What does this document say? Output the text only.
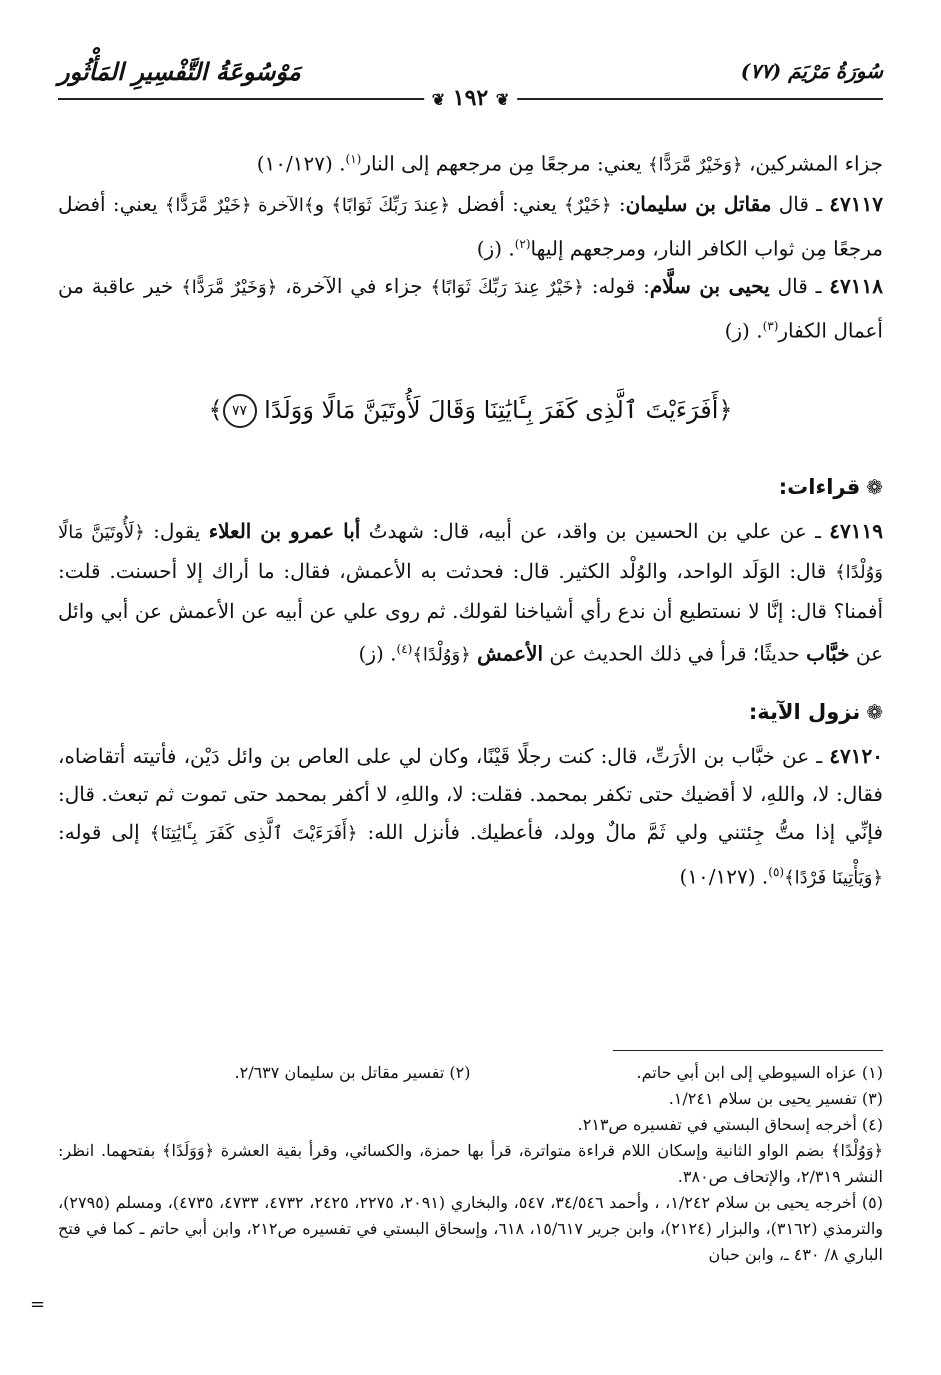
سُورَةُ مَرْيَمَ (٧٧)
مَوْسُوعَةُ التَّفْسِيرِ المَأْثُور
❦ ١٩٢ ❦

جزاء المشركين، ﴿وَخَيْرٌ مَّرَدًّا﴾ يعني: مرجعًا مِن مرجعهم إلى النار$^{(١)}$. (١٠/١٢٧)

٤٧١١٧ ـ قال مقاتل بن سليمان: ﴿خَيْرٌ﴾ يعني: أفضل ﴿عِندَ رَبِّكَ ثَوَابًا﴾ و﴾الآخرة ﴿خَيْرٌ مَّرَدًّا﴾ يعني: أفضل مرجعًا مِن ثواب الكافر النار، ومرجعهم إليها$^{(٢)}$. (ز)

٤٧١١٨ ـ قال يحيى بن سلَّام: قوله: ﴿خَيْرٌ عِندَ رَبِّكَ ثَوَابًا﴾ جزاء في الآخرة، ﴿وَخَيْرٌ مَّرَدًّا﴾ خير عاقبة من أعمال الكفار$^{(٣)}$. (ز)

﴿أَفَرَءَيْتَ ٱلَّذِى كَفَرَ بِـَٔايَٰتِنَا وَقَالَ لَأُوتَيَنَّ مَالًا وَوَلَدًا ٧٧﴾
❁قراءات:

٤٧١١٩ ـ عن علي بن الحسين بن واقد، عن أبيه، قال: شهدتُ أبا عمرو بن العلاء يقول: ﴿لَأُوتَيَنَّ مَالًا وَوُلْدًا﴾ قال: الوَلَد الواحد، والوُلْد الكثير. قال: فحدثت به الأعمش، فقال: ما أراك إلا أحسنت. قلت: أفمنا؟ قال: إنَّا لا نستطيع أن ندع رأي أشياخنا لقولك. ثم روى علي عن أبيه عن الأعمش عن أبي وائل عن خبَّاب حديثًا؛ قرأ في ذلك الحديث عن الأعمش ﴿وَوُلْدًا﴾$^{(٤)}$. (ز)

❁نزول الآية:

٤٧١٢٠ ـ عن خبَّاب بن الأرَتِّ، قال: كنت رجلًا قَيْنًا، وكان لي على العاص بن وائل دَيْن، فأتيته أتقاضاه، فقال: لا، واللهِ، لا أقضيك حتى تكفر بمحمد. فقلت: لا، واللهِ، لا أكفر بمحمد حتى تموت ثم تبعث. قال: فإنِّي إذا متُّ جِئتني ولي ثَمَّ مالٌ وولد، فأعطيك. فأنزل الله: ﴿أَفَرَءَيْتَ ٱلَّذِى كَفَرَ بِـَٔايَٰتِنَا﴾ إلى قوله: ﴿وَيَأْتِينَا فَرْدًا﴾$^{(٥)}$. (١٠/١٢٧)

(١) عزاه السيوطي إلى ابن أبي حاتم.

(٢) تفسير مقاتل بن سليمان ٢/٦٣٧.

(٣) تفسير يحيى بن سلام ١/٢٤١.

(٤) أخرجه إسحاق البستي في تفسيره ص٢١٣.

﴿وَوُلْدًا﴾ بضم الواو الثانية وإسكان اللام قراءة متواترة، قرأ بها حمزة، والكسائي، وقرأ بقية العشرة ﴿وَوَلَدًا﴾ بفتحهما. انظر: النشر ٢/٣١٩، والإتحاف ص٣٨٠.

(٥) أخرجه يحيى بن سلام ١/٢٤٢، ، وأحمد ٣٤/٥٤٦، ٥٤٧، والبخاري (٢٠٩١، ٢٢٧٥، ٢٤٢٥، ٤٧٣٢، ٤٧٣٣، ٤٧٣٥)، ومسلم (٢٧٩٥)، والترمذي (٣١٦٢)، والبزار (٢١٢٤)، وابن جرير ١٥/٦١٧، ٦١٨، وإسحاق البستي في تفسيره ص٢١٢، وابن أبي حاتم ـ كما في فتح الباري ٨/ ٤٣٠ ـ، وابن حبان

=
